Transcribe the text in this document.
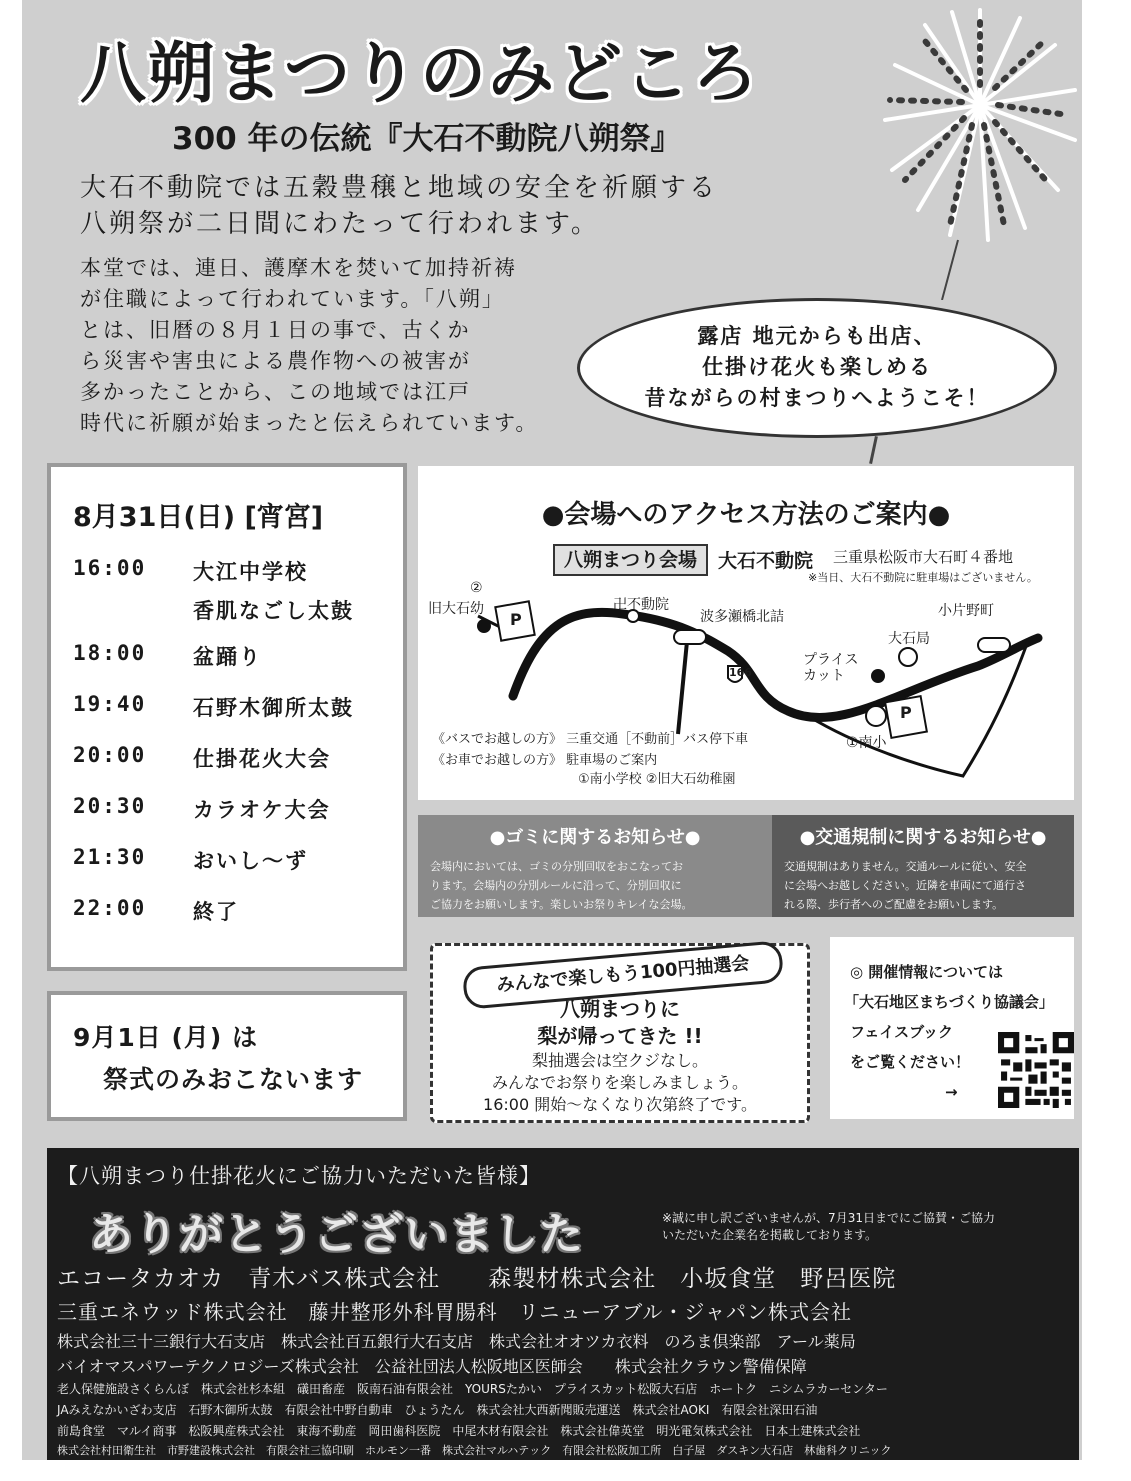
八朔まつりのみどころ
300 年の伝統『大石不動院八朔祭』
大石不動院では五穀豊穣と地域の安全を祈願する
八朔祭が二日間にわたって行われます。
本堂では、連日、護摩木を焚いて加持祈祷
が住職によって行われています。「八朔」
とは、旧暦の８月１日の事で、古くか
ら災害や害虫による農作物への被害が
多かったことから、この地域では江戸
時代に祈願が始まったと伝えられています。
露店 地元からも出店、
仕掛け花火も楽しめる
昔ながらの村まつりへようこそ！
8月31日(日) [宵宮]
16:00	大江中学校
香肌なごし太鼓
18:00	盆踊り
19:40	石野木御所太鼓
20:00	仕掛花火大会
20:30	カラオケ大会
21:30	おいし～ず
22:00	終了
9月1日 (月) は
祭式のみおこないます
●会場へのアクセス方法のご案内●
八朔まつり会場	大石不動院 三重県松阪市大石町４番地
※当日、大石不動院に駐車場はございません。
②
旧大石幼
P
卍不動院
波多瀬橋北詰	小片野町
大石局
プライス
カット
166
P
①南小
《バスでお越しの方》 三重交通［不動前］バス停下車
《お車でお越しの方》 駐車場のご案内
①南小学校 ②旧大石幼稚園
●ゴミに関するお知らせ●
会場内においては、ゴミの分別回収をおこなってお
ります。会場内の分別ルールに沿って、分別回収に
ご協力をお願いします。楽しいお祭りキレイな会場。
●交通規制に関するお知らせ●
交通規制はありません。交通ルールに従い、安全
に会場へお越しください。近隣を車両にて通行さ
れる際、歩行者へのご配慮をお願いします。
みんなで楽しもう100円抽選会
八朔まつりに
梨が帰ってきた !!
梨抽選会は空クジなし。
みんなでお祭りを楽しみましょう。
16:00 開始～なくなり次第終了です。
◎ 開催情報については
「大石地区まちづくり協議会」
フェイスブック
をご覧ください！
→
【八朔まつり仕掛花火にご協力いただいた皆様】
ありがとうございました	※誠に申し訳ございませんが、7月31日までにご協賛・ご協力
いただいた企業名を掲載しております。
エコータカオカ　青木バス株式会社　　森製材株式会社　小坂食堂　野呂医院
三重エネウッド株式会社　藤井整形外科胃腸科　リニューアブル・ジャパン株式会社
株式会社三十三銀行大石支店　株式会社百五銀行大石支店　株式会社オオツカ衣料　のろま倶楽部　アール薬局
バイオマスパワーテクノロジーズ株式会社　公益社団法人松阪地区医師会　　株式会社クラウン警備保障
老人保健施設さくらんぼ　株式会社杉本組　礒田畜産　阪南石油有限会社　YOURSたかい　プライスカット松阪大石店　ホートク　ニシムラカーセンター
JAみえなかいざわ支店　石野木御所太鼓　有限会社中野自動車　ひょうたん　株式会社大西新聞販売運送　株式会社AOKI　有限会社深田石油
前島食堂　マルイ商事　松阪興産株式会社　東海不動産　岡田歯科医院　中尾木材有限会社　株式会社偉英堂　明光電気株式会社　日本土建株式会社
株式会社村田衛生社　市野建設株式会社　有限会社三協印刷　ホルモン一番　株式会社マルハテック　有限会社松阪加工所　白子屋　ダスキン大石店　林歯科クリニック
